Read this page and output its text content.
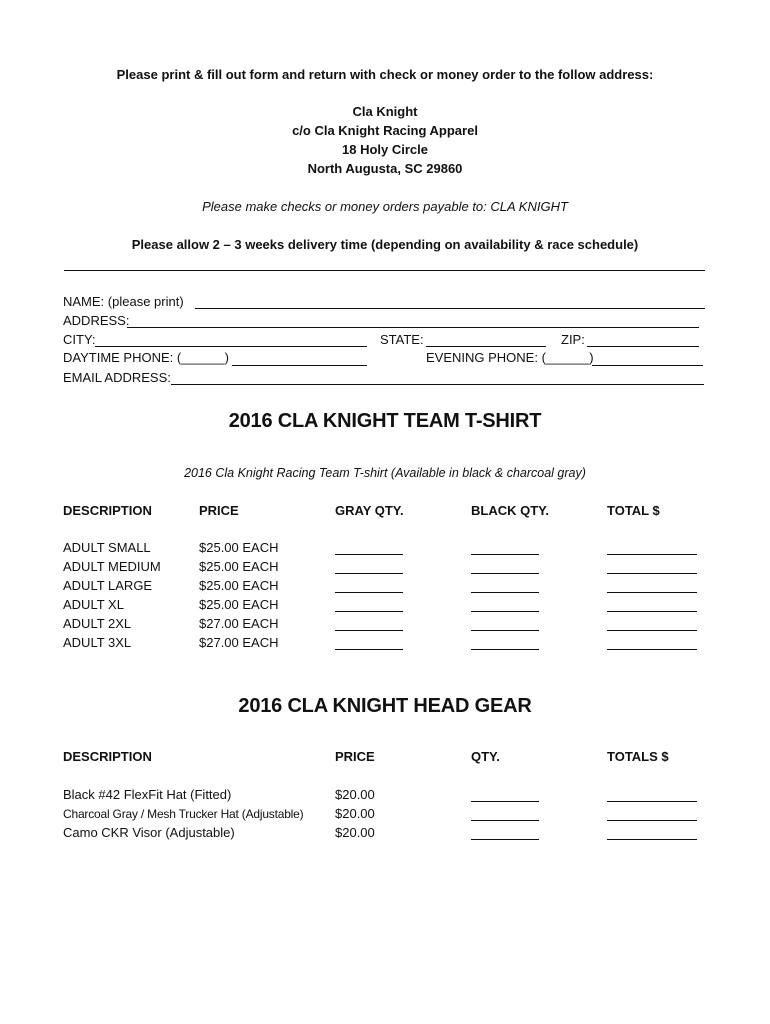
Please print & fill out form and return with check or money order to the follow address:
Cla Knight
c/o Cla Knight Racing Apparel
18 Holy Circle
North Augusta, SC 29860
Please make checks or money orders payable to: CLA KNIGHT
Please allow 2 – 3 weeks delivery time (depending on availability & race schedule)
NAME: (please print)
ADDRESS:
CITY:	STATE:	ZIP:
DAYTIME PHONE: (______)	EVENING PHONE: (______)
EMAIL ADDRESS:
2016 CLA KNIGHT TEAM T-SHIRT
2016 Cla Knight Racing Team T-shirt (Available in black & charcoal gray)
DESCRIPTION	PRICE	GRAY QTY.	BLACK QTY.	TOTAL $
ADULT SMALL	$25.00 EACH
ADULT MEDIUM	$25.00 EACH
ADULT LARGE	$25.00 EACH
ADULT XL	$25.00 EACH
ADULT 2XL	$27.00 EACH
ADULT 3XL	$27.00 EACH
2016 CLA KNIGHT HEAD GEAR
DESCRIPTION	PRICE	QTY.	TOTALS $
Black #42 FlexFit Hat (Fitted)	$20.00
Charcoal Gray / Mesh Trucker Hat (Adjustable) $20.00
Camo CKR Visor (Adjustable)	$20.00
